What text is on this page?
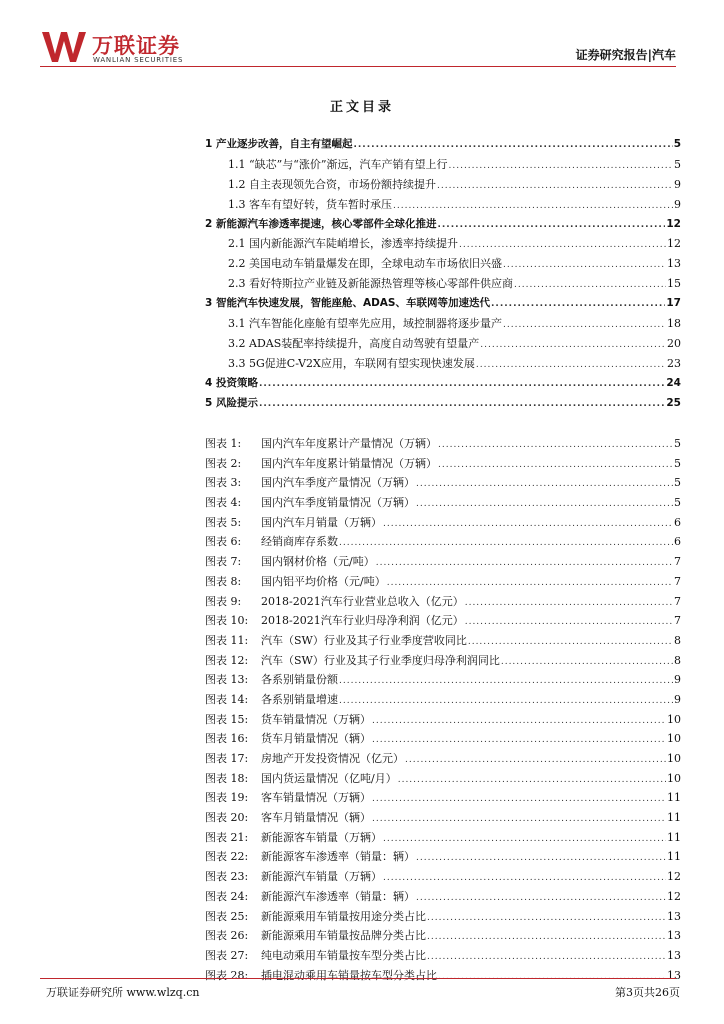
万联证券
WANLIAN SECURITIES	证券研究报告|汽车
正文目录
1 产业逐步改善，自主有望崛起 .....	5
1.1 “缺芯”与“涨价”渐远，汽车产销有望上行 .....	5
1.2 自主表现领先合资，市场份额持续提升 .....	9
1.3 客车有望好转，货车暂时承压 .....	9
2 新能源汽车渗透率提速，核心零部件全球化推进 .....	12
2.1 国内新能源汽车陡峭增长，渗透率持续提升 .....	12
2.2 美国电动车销量爆发在即，全球电动车市场依旧兴盛 .....	13
2.3 看好特斯拉产业链及新能源热管理等核心零部件供应商 .....	15
3 智能汽车快速发展，智能座舱、ADAS、车联网等加速迭代 .....	17
3.1 汽车智能化座舱有望率先应用，域控制器将逐步量产 .....	18
3.2 ADAS装配率持续提升，高度自动驾驶有望量产 .....	20
3.3 5G促进C-V2X应用，车联网有望实现快速发展 .....	23
4 投资策略 .....	24
5 风险提示 .....	25
图表 1:	国内汽车年度累计产量情况（万辆） .....	5
图表 2:	国内汽车年度累计销量情况（万辆） .....	5
图表 3:	国内汽车季度产量情况（万辆） .....	5
图表 4:	国内汽车季度销量情况（万辆） .....	5
图表 5:	国内汽车月销量（万辆） .....	6
图表 6:	经销商库存系数 .....	6
图表 7:	国内钢材价格（元/吨） .....	7
图表 8:	国内铝平均价格（元/吨） .....	7
图表 9:	2018-2021汽车行业营业总收入（亿元） .....	7
图表 10:	2018-2021汽车行业归母净利润（亿元） .....	7
图表 11:	汽车（SW）行业及其子行业季度营收同比 .....	8
图表 12:	汽车（SW）行业及其子行业季度归母净利润同比 .....	8
图表 13:	各系别销量份额 .....	9
图表 14:	各系别销量增速 .....	9
图表 15:	货车销量情况（万辆） .....	10
图表 16:	货车月销量情况（辆） .....	10
图表 17:	房地产开发投资情况（亿元） .....	10
图表 18:	国内货运量情况（亿吨/月） .....	10
图表 19:	客车销量情况（万辆） .....	11
图表 20:	客车月销量情况（辆） .....	11
图表 21:	新能源客车销量（万辆） .....	11
图表 22:	新能源客车渗透率（销量：辆） .....	11
图表 23:	新能源汽车销量（万辆） .....	12
图表 24:	新能源汽车渗透率（销量：辆） .....	12
图表 25:	新能源乘用车销量按用途分类占比 .....	13
图表 26:	新能源乘用车销量按品牌分类占比 .....	13
图表 27:	纯电动乘用车销量按车型分类占比 .....	13
图表 28:	插电混动乘用车销量按车型分类占比 .....	13
万联证券研究所 www.wlzq.cn	第3页共26页
